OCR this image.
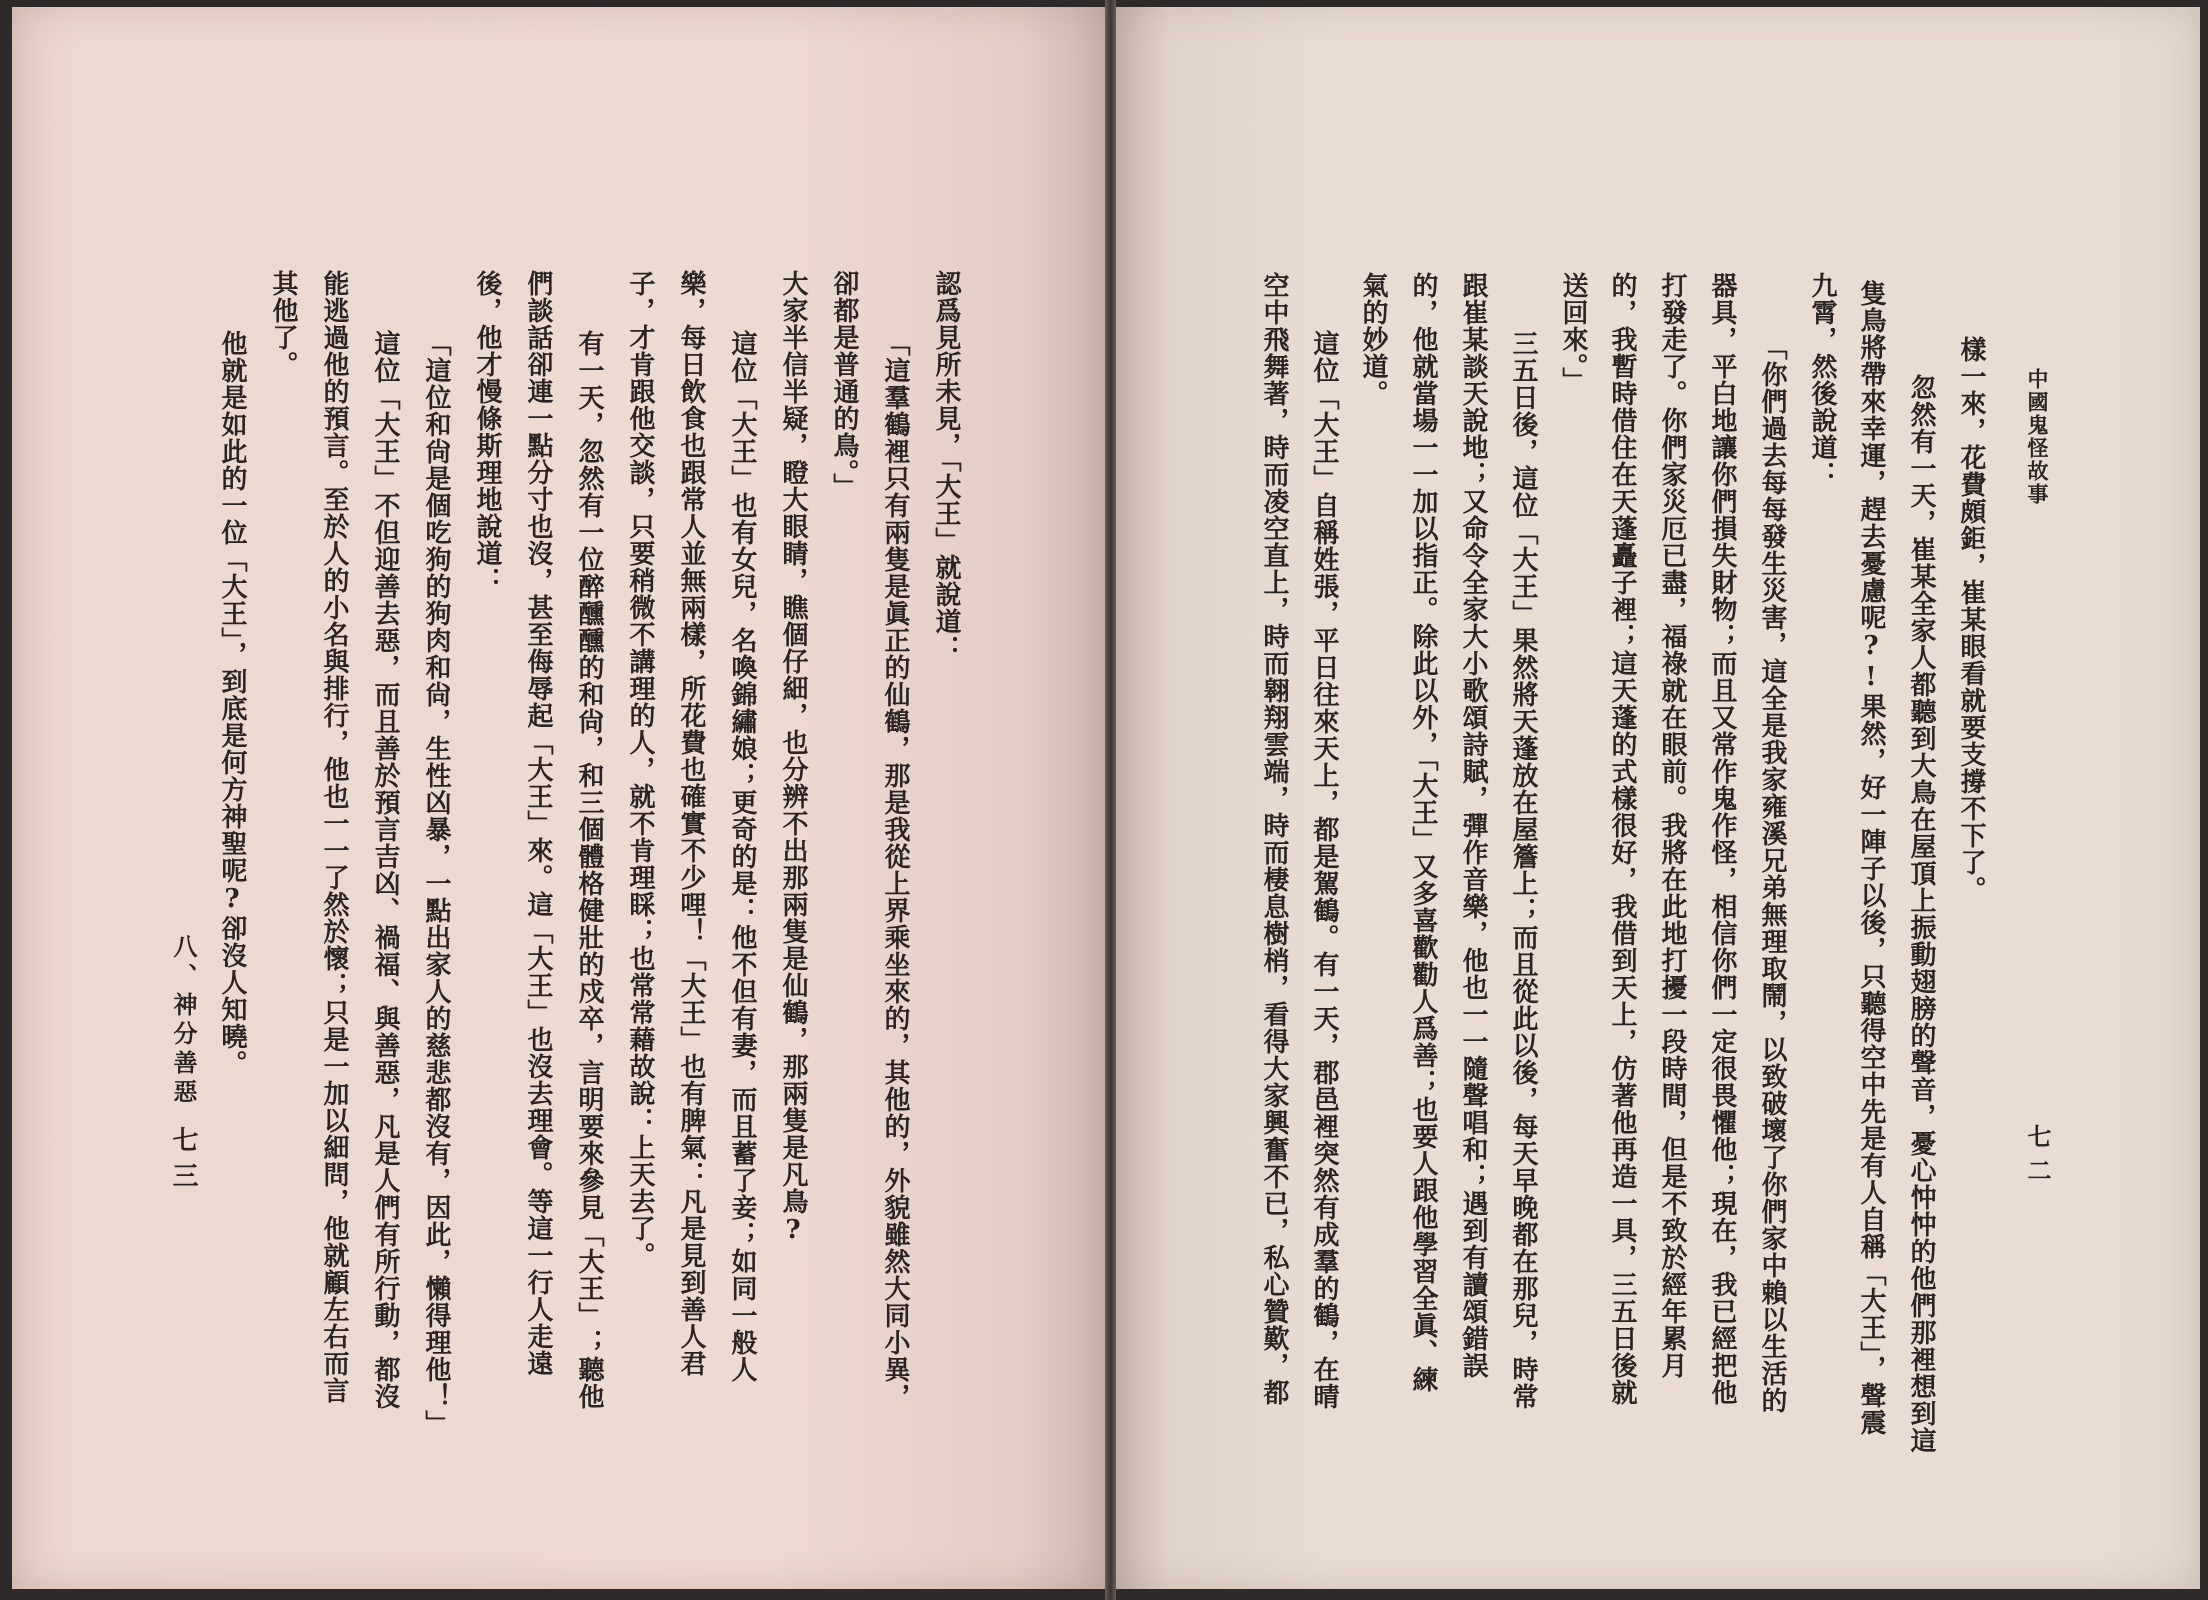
中國鬼怪故事
七二
樣一來，花費頗鉅，崔某眼看就要支撐不下了。
忽然有一天，崔某全家人都聽到大鳥在屋頂上振動翅膀的聲音，憂心忡忡的他們那裡想到這
隻鳥將帶來幸運，趕去憂慮呢?!果然，好一陣子以後，只聽得空中先是有人自稱「大王」，聲震
九霄，然後說道：
「你們過去每每發生災害，這全是我家雍溪兄弟無理取鬧，以致破壞了你們家中賴以生活的
器具，平白地讓你們損失財物；而且又常作鬼作怪，相信你們一定很畏懼他；現在，我已經把他
打發走了。你們家災厄已盡，福祿就在眼前。我將在此地打擾一段時間，但是不致於經年累月
的，我暫時借住在天蓬矗子裡；這天蓬的式樣很好，我借到天上，仿著他再造一具，三五日後就
送回來。」
三五日後，這位「大王」果然將天蓬放在屋簷上；而且從此以後，每天早晚都在那兒，時常
跟崔某談天說地；又命令全家大小歌頌詩賦，彈作音樂，他也一一隨聲唱和；遇到有讀頌錯誤
的，他就當場一一加以指正。除此以外，「大王」又多喜歡勸人爲善；也要人跟他學習全眞、練
氣的妙道。
這位「大王」自稱姓張，平日往來天上，都是駕鶴。有一天，郡邑裡突然有成羣的鶴，在晴
空中飛舞著，時而凌空直上，時而翱翔雲端，時而棲息樹梢，看得大家興奮不已，私心贊歎，都
認爲見所未見，「大王」就說道：
「這羣鶴裡只有兩隻是眞正的仙鶴，那是我從上界乘坐來的，其他的，外貌雖然大同小異，
卻都是普通的鳥。」
大家半信半疑，瞪大眼睛，瞧個仔細，也分辨不出那兩隻是仙鶴，那兩隻是凡鳥?
這位「大王」也有女兒，名喚錦繡娘；更奇的是：他不但有妻，而且蓄了妾；如同一般人
樂，每日飲食也跟常人並無兩樣，所花費也確實不少哩！「大王」也有脾氣：凡是見到善人君
子，才肯跟他交談，只要稍微不講理的人，就不肯理睬；也常常藉故說：上天去了。
有一天，忽然有一位醉醺醺的和尙，和三個體格健壯的戍卒，言明要來參見「大王」；聽他
們談話卻連一點分寸也沒，甚至侮辱起「大王」來。這「大王」也沒去理會。等這一行人走遠
後，他才慢條斯理地說道：
「這位和尙是個吃狗的狗肉和尙，生性凶暴，一點出家人的慈悲都沒有，因此，懶得理他！」
這位「大王」不但迎善去惡，而且善於預言吉凶、禍福、與善惡，凡是人們有所行動，都沒
能逃過他的預言。至於人的小名與排行，他也一一了然於懷；只是一加以細問，他就顧左右而言
其他了。
他就是如此的一位「大王」，到底是何方神聖呢?卻沒人知曉。
八、神分善惡
七三
